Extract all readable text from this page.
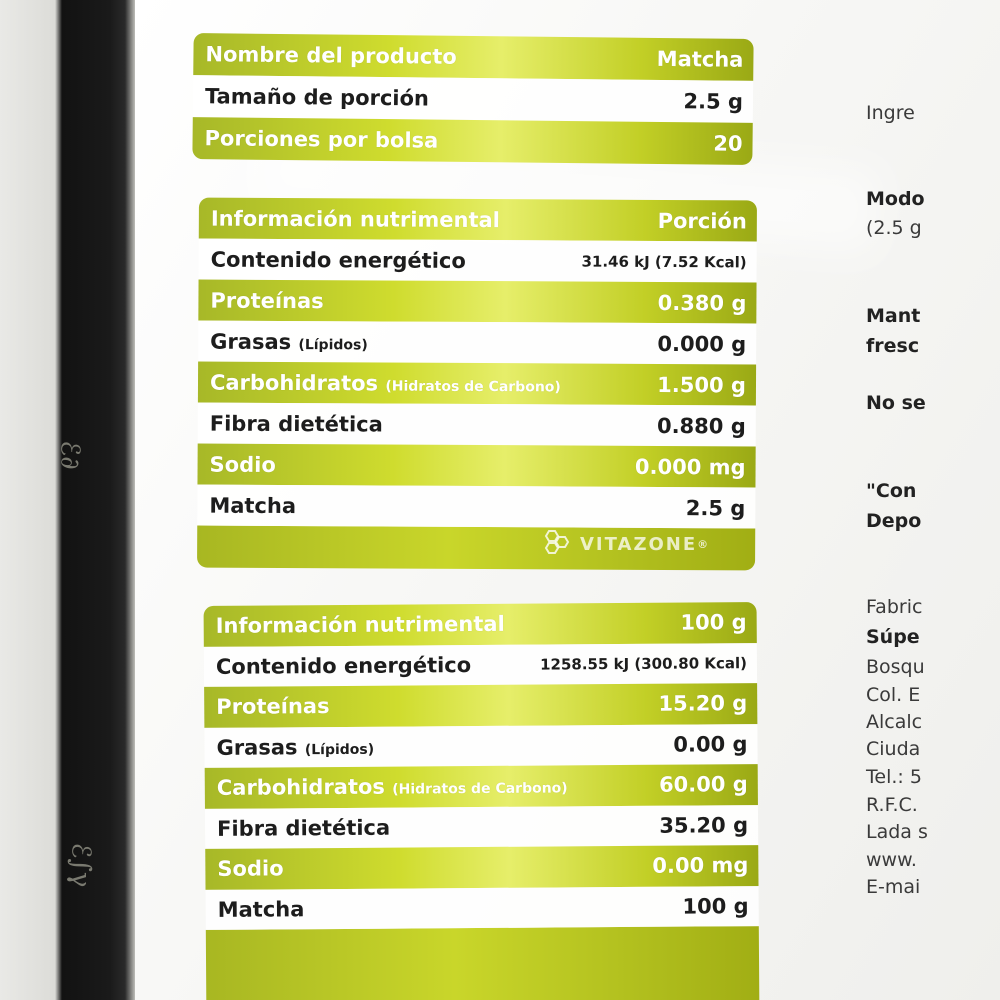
ℰ∂
ℰ∫γ
Nombre del producto	Matcha
Tamaño de porción	2.5 g
Porciones por bolsa	20
Información nutrimental	Porción
Contenido energético	31.46 kJ (7.52 Kcal)
Proteínas	0.380 g
Grasas (Lípidos)	0.000 g
Carbohidratos (Hidratos de Carbono)	1.500 g
Fibra dietética	0.880 g
Sodio	0.000 mg
Matcha	2.5 g
VITAZONE ®
Información nutrimental	100 g
Contenido energético	1258.55 kJ (300.80 Kcal)
Proteínas	15.20 g
Grasas (Lípidos)	0.00 g
Carbohidratos (Hidratos de Carbono)	60.00 g
Fibra dietética	35.20 g
Sodio	0.00 mg
Matcha	100 g
Ingre
Modo
(2.5 g
Mant
fresc
No se
"Con
Depo
Fabric
Súpe
Bosqu
Col. E
Alcalc
Ciuda
Tel.: 5
R.F.C.
Lada s
www.
E-mai
